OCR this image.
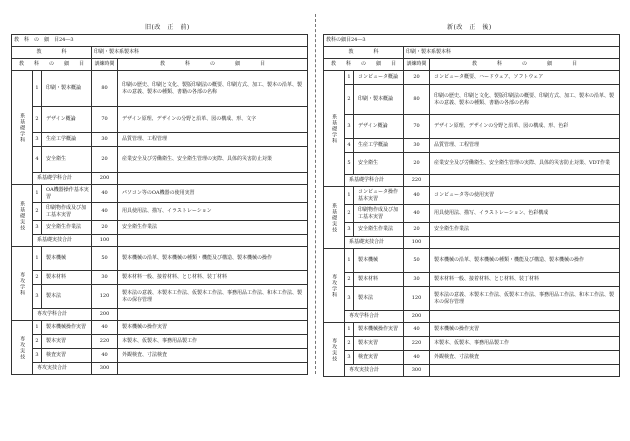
旧(改　正　前)	新(改　正　後)
教　科　の　細　目24―3				
教　　　　科			印刷・製本系製本科	
教　　科　　の　　細　　目			訓練時間	教　　　　科　　　　の　　　　細　　　　目
系基礎学科	1	印刷・製本概論	80	印刷の歴史、印刷と文化、製版印刷法の概要、印刷方式、加工、製本の沿革、製本の意義、製本の種類、書籍の各部の名称
	2	デザイン概論	70	デザイン原理、デザインの分野と沿革、図の構成、形、文字
	3	生産工学概論	30	品質管理、工程管理
	4	安全衛生	20	産業安全及び労働衛生、安全衛生管理の実際、具体的災害防止対策
	系基礎学科合計		200	
系基礎実技	1	OA機器操作基本実習	40	パソコン等のOA機器の使用実習
	2	印刷物作成及び加工基本実習	40	用具使用法、描写、イラストレーション
	3	安全衛生作業法	20	安全衛生作業法
	系基礎実技合計		100	
専攻学科	1	製本機械	50	製本機械の沿革、製本機械の種類・機能及び構造、製本機械の操作
	2	製本材料	30	製本材料一般、接着材料、とじ材料、装丁材料
	3	製本法	120	製本法の意義、本製本工作法、仮製本工作法、事務用品工作法、和本工作法、製本の保存管理
	専攻学科合計		200	
専攻実技	1	製本機械操作実習	40	製本機械の操作実習
	2	製本実習	220	本製本、仮製本、事務用品製工作
	3	検査実習	40	外観検査、寸法検査
	専攻実技合計		300	
教科の細目24―3				
教　　　　科			印刷・製本系製本科	
教　　科　　の　　細　　目			訓練時間	教　　　　科　　　　の　　　　細　　　　目
系基礎学科	1	コンピュータ概論	20	コンピュータ概要、ハードウェア、ソフトウェア
	2	印刷・製本概論	80	印刷の歴史、印刷と文化、製版印刷法の概要、印刷方式、加工、製本の沿革、製本の意義、製本の種類、書籍の各部の名称
	3	デザイン概論	70	デザイン原理、デザインの分野と沿革、図の構成、形、色彩
	4	生産工学概論	30	品質管理、工程管理
	5	安全衛生	20	産業安全及び労働衛生、安全衛生管理の実際、具体的災害防止対策、VDT作業
	系基礎学科合計		220	
系基礎実技	1	コンピュータ操作基本実習	40	コンピュータ等の使用実習
	2	印刷物作成及び加工基本実習	40	用具使用法、描写、イラストレーション、色彩構成
	3	安全衛生作業法	20	安全衛生作業法
	系基礎実技合計		100	
専攻学科	1	製本機械	50	製本機械の沿革、製本機械の種類・機能及び構造、製本機械の操作
	2	製本材料	30	製本材料一般、接着材料、とじ材料、装丁材料
	3	製本法	120	製本法の意義、本製本工作法、仮製本工作法、事務用品工作法、和本工作法、製本の保存管理
	専攻学科合計		200	
専攻実技	1	製本機械操作実習	40	製本機械の操作実習
	2	製本実習	220	本製本、仮製本、事務用品製工作
	3	検査実習	40	外観検査、寸法検査
	専攻実技合計		300	
